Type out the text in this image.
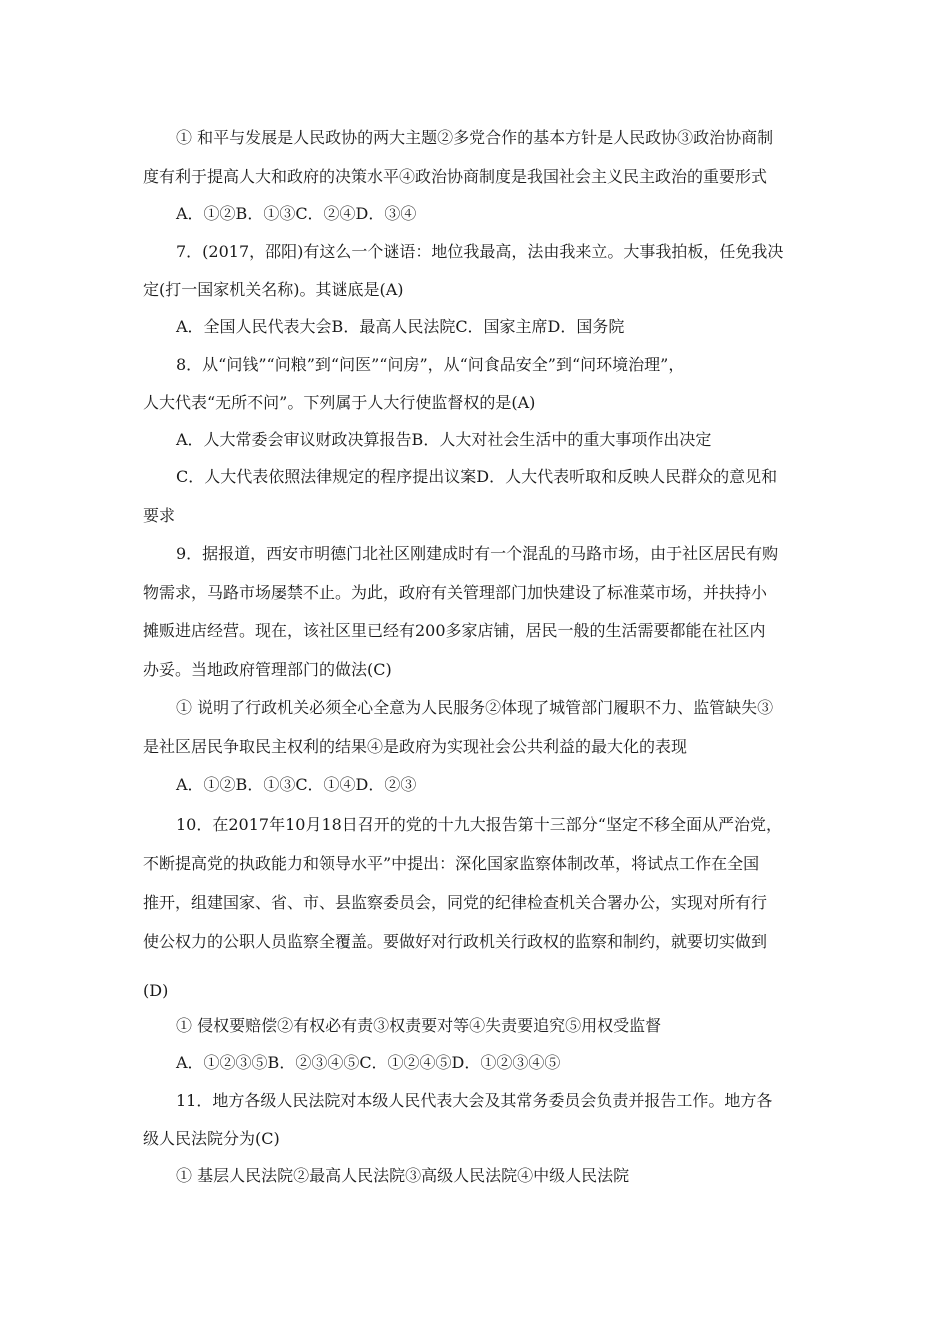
① 和平与发展是人民政协的两大主题②多党合作的基本方针是人民政协③政治协商制
度有利于提高人大和政府的决策水平④政治协商制度是我国社会主义民主政治的重要形式
A．①②B．①③C．②④D．③④
7．(2017，邵阳)有这么一个谜语：地位我最高，法由我来立。大事我拍板，任免我决
定(打一国家机关名称)。其谜底是(A)
A．全国人民代表大会B．最高人民法院C．国家主席D．国务院
8．从“问钱”“问粮”到“问医”“问房”，从“问食品安全”到“问环境治理”，
人大代表“无所不问”。下列属于人大行使监督权的是(A)
A．人大常委会审议财政决算报告B．人大对社会生活中的重大事项作出决定
C．人大代表依照法律规定的程序提出议案D．人大代表听取和反映人民群众的意见和
要求
9．据报道，西安市明德门北社区刚建成时有一个混乱的马路市场，由于社区居民有购
物需求，马路市场屡禁不止。为此，政府有关管理部门加快建设了标准菜市场，并扶持小
摊贩进店经营。现在，该社区里已经有200多家店铺，居民一般的生活需要都能在社区内
办妥。当地政府管理部门的做法(C)
① 说明了行政机关必须全心全意为人民服务②体现了城管部门履职不力、监管缺失③
是社区居民争取民主权利的结果④是政府为实现社会公共利益的最大化的表现
A．①②B．①③C．①④D．②③
10．在2017年10月18日召开的党的十九大报告第十三部分“坚定不移全面从严治党，
不断提高党的执政能力和领导水平”中提出：深化国家监察体制改革，将试点工作在全国
推开，组建国家、省、市、县监察委员会，同党的纪律检查机关合署办公，实现对所有行
使公权力的公职人员监察全覆盖。要做好对行政机关行政权的监察和制约，就要切实做到
(D)
① 侵权要赔偿②有权必有责③权责要对等④失责要追究⑤用权受监督
A．①②③⑤B．②③④⑤C．①②④⑤D．①②③④⑤
11．地方各级人民法院对本级人民代表大会及其常务委员会负责并报告工作。地方各
级人民法院分为(C)
① 基层人民法院②最高人民法院③高级人民法院④中级人民法院
